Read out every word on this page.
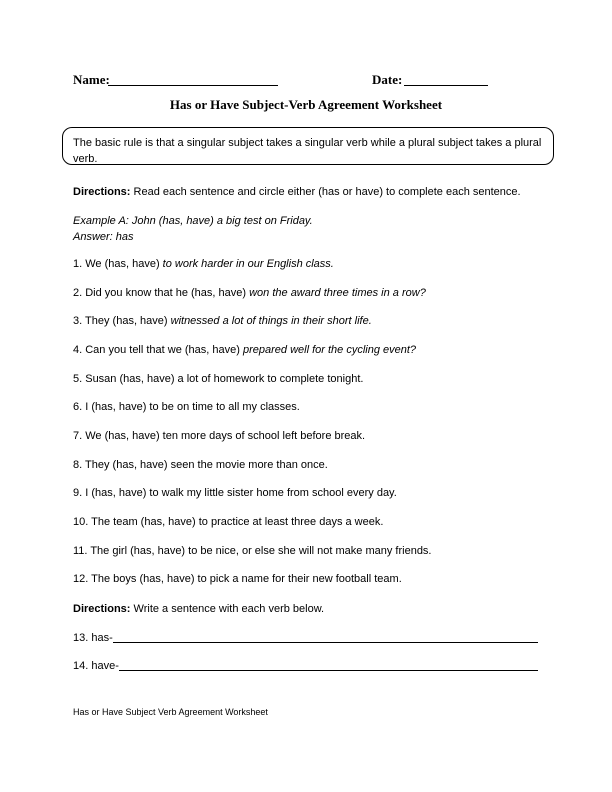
Name:	Date:
Has or Have Subject-Verb Agreement Worksheet
The basic rule is that a singular subject takes a singular verb while a plural subject takes a plural verb.
Directions: Read each sentence and circle either (has or have) to complete each sentence.
Example A: John (has, have) a big test on Friday.
Answer: has
1. We (has, have) to work harder in our English class.
2. Did you know that he (has, have) won the award three times in a row?
3. They (has, have) witnessed a lot of things in their short life.
4. Can you tell that we (has, have) prepared well for the cycling event?
5. Susan (has, have) a lot of homework to complete tonight.
6. I (has, have) to be on time to all my classes.
7. We (has, have) ten more days of school left before break.
8. They (has, have) seen the movie more than once.
9. I (has, have) to walk my little sister home from school every day.
10. The team (has, have) to practice at least three days a week.
11. The girl (has, have) to be nice, or else she will not make many friends.
12. The boys (has, have) to pick a name for their new football team.
Directions: Write a sentence with each verb below.
13. has-
14. have-
Has or Have Subject Verb Agreement Worksheet
